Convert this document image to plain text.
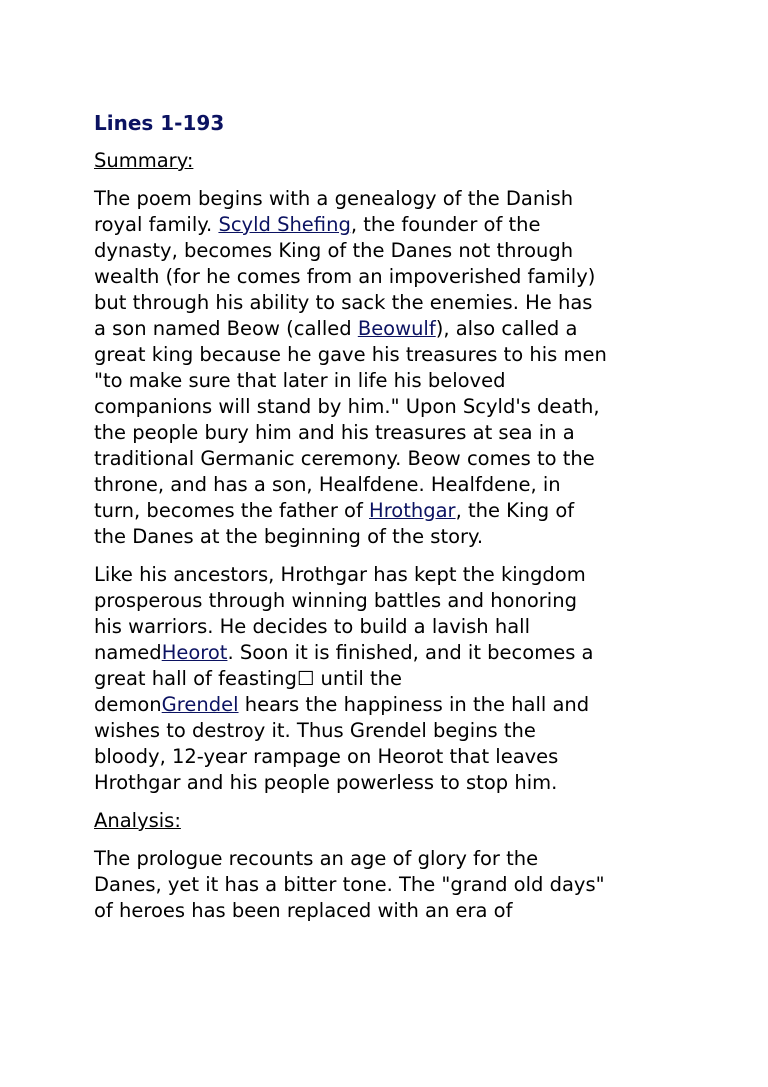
Lines 1-193

Summary:

The poem begins with a genealogy of the Danish
royal family. Scyld Shefing, the founder of the
dynasty, becomes King of the Danes not through
wealth (for he comes from an impoverished family)
but through his ability to sack the enemies. He has
a son named Beow (called Beowulf), also called a
great king because he gave his treasures to his men
"to make sure that later in life his beloved
companions will stand by him." Upon Scyld's death,
the people bury him and his treasures at sea in a
traditional Germanic ceremony. Beow comes to the
throne, and has a son, Healfdene. Healfdene, in
turn, becomes the father of Hrothgar, the King of
the Danes at the beginning of the story.

Like his ancestors, Hrothgar has kept the kingdom
prosperous through winning battles and honoring
his warriors. He decides to build a lavish hall
namedHeorot. Soon it is finished, and it becomes a
great hall of feasting☐ until the
demonGrendel hears the happiness in the hall and
wishes to destroy it. Thus Grendel begins the
bloody, 12-year rampage on Heorot that leaves
Hrothgar and his people powerless to stop him.

Analysis:

The prologue recounts an age of glory for the
Danes, yet it has a bitter tone. The "grand old days"
of heroes has been replaced with an era of
